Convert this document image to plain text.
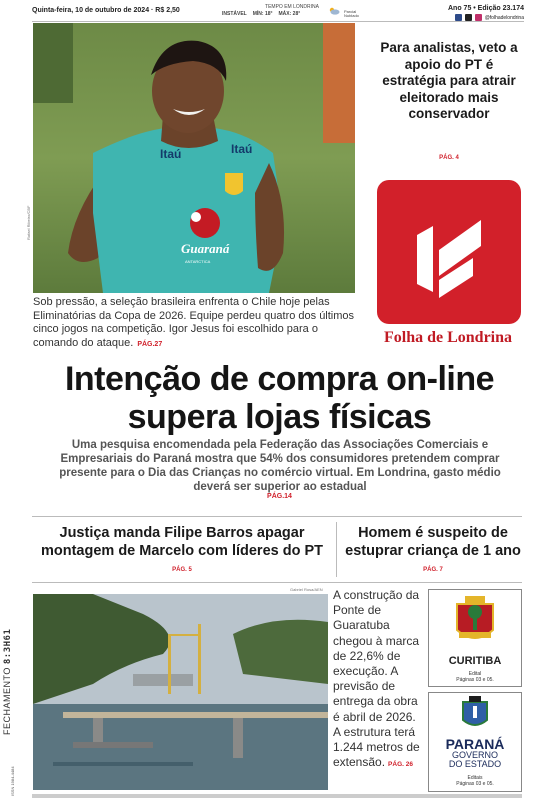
Quinta-feira, 10 de outubro de 2024 · R$ 2,50	TEMPO EM LONDRINA
INSTÁVEL MÍN: 18° MÁX: 28°	Parcial Nublado
Ano 75 • Edição 23.174
@folhadelondrina
Itaú	Itaú
Guaraná
ANTARCTICA
Rafael Ribeiro/CBF
Sob pressão, a seleção brasileira enfrenta o Chile hoje pelas Eliminatórias da Copa de 2026. Equipe perdeu quatro dos últimos cinco jogos na competição. Igor Jesus foi escolhido para o comando do ataque. PÁG.27
Para analistas, veto a apoio do PT é estratégia para atrair eleitorado mais conservador
PÁG. 4
Folha de Londrina
Intenção de compra on-line
supera lojas físicas
Uma pesquisa encomendada pela Federação das Associações Comerciais e Empresariais do Paraná mostra que 54% dos consumidores pretendem comprar presente para o Dia das Crianças no comércio virtual. Em Londrina, gasto médio deverá ser superior ao estadual
PÁG.14
Justiça manda Filipe Barros apagar montagem de Marcelo com líderes do PT
PÁG. 5
Homem é suspeito de estuprar criança de 1 ano
PÁG. 7
Gabriel Rosa/AEN A construção da Ponte de Guaratuba chegou à marca de 22,6% de execução. A previsão de entrega da obra é abril de 2026. A estrutura terá 1.244 metros de extensão. PÁG. 26
FECHAMENTO 8:3H61
ISSN 1984-4484
CURITIBA
Edital
Páginas 03 e 05.
PARANÁ
GOVERNO
DO ESTADO
Editais
Páginas 03 e 05.
